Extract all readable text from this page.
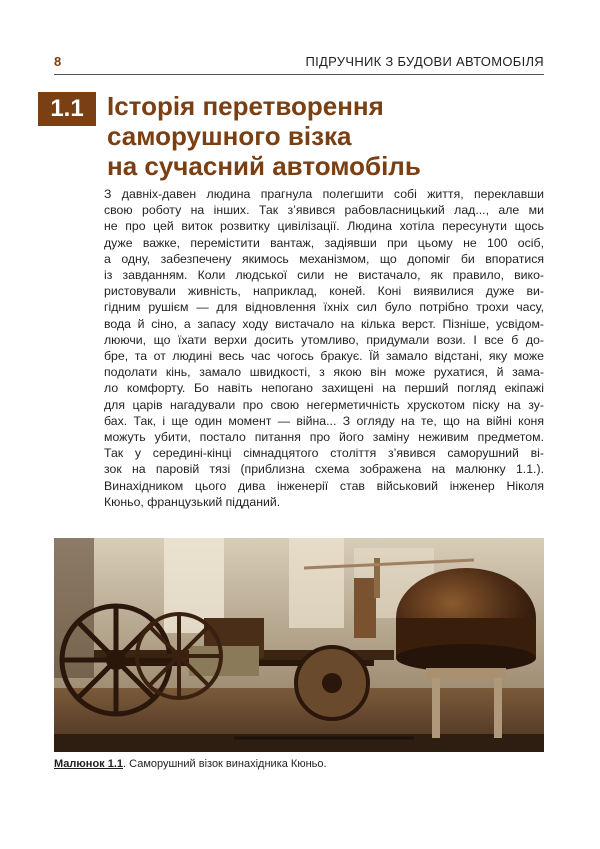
8	ПІДРУЧНИК З БУДОВИ АВТОМОБІЛЯ
1.1 Історія перетворення
саморушного візка
на сучасний автомобіль
З давніх-давен людина прагнула полегшити собі життя, переклавши
свою роботу на інших. Так з’явився рабовласницький лад..., але ми
не про цей виток розвитку цивілізації. Людина хотіла пересунути щось
дуже важке, перемістити вантаж, задіявши при цьому не 100 осіб,
а одну, забезпечену якимось механізмом, що допоміг би впоратися
із завданням. Коли людської сили не вистачало, як правило, вико-
ристовували живність, наприклад, коней. Коні виявилися дуже ви-
гідним рушієм — для відновлення їхніх сил було потрібно трохи часу,
вода й сіно, а запасу ходу вистачало на кілька верст. Пізніше, усвідом-
люючи, що їхати верхи досить утомливо, придумали вози. І все б до-
бре, та от людині весь час чогось бракує. Їй замало відстані, яку може
подолати кінь, замало швидкості, з якою він може рухатися, й зама-
ло комфорту. Бо навіть непогано захищені на перший погляд екіпажі
для царів нагадували про свою негерметичність хрускотом піску на зу-
бах. Так, і ще один момент — війна... З огляду на те, що на війні коня
можуть убити, постало питання про його заміну неживим предметом.
Так у середині-кінці сімнадцятого століття з’явився саморушний ві-
зок на паровій тязі (приблизна схема зображена на малюнку 1.1.).
Винахідником цього дива інженерії став військовий інженер Ніколя
Кюньо, французький підданий.
Малюнок 1.1. Саморушний візок винахідника Кюньо.
